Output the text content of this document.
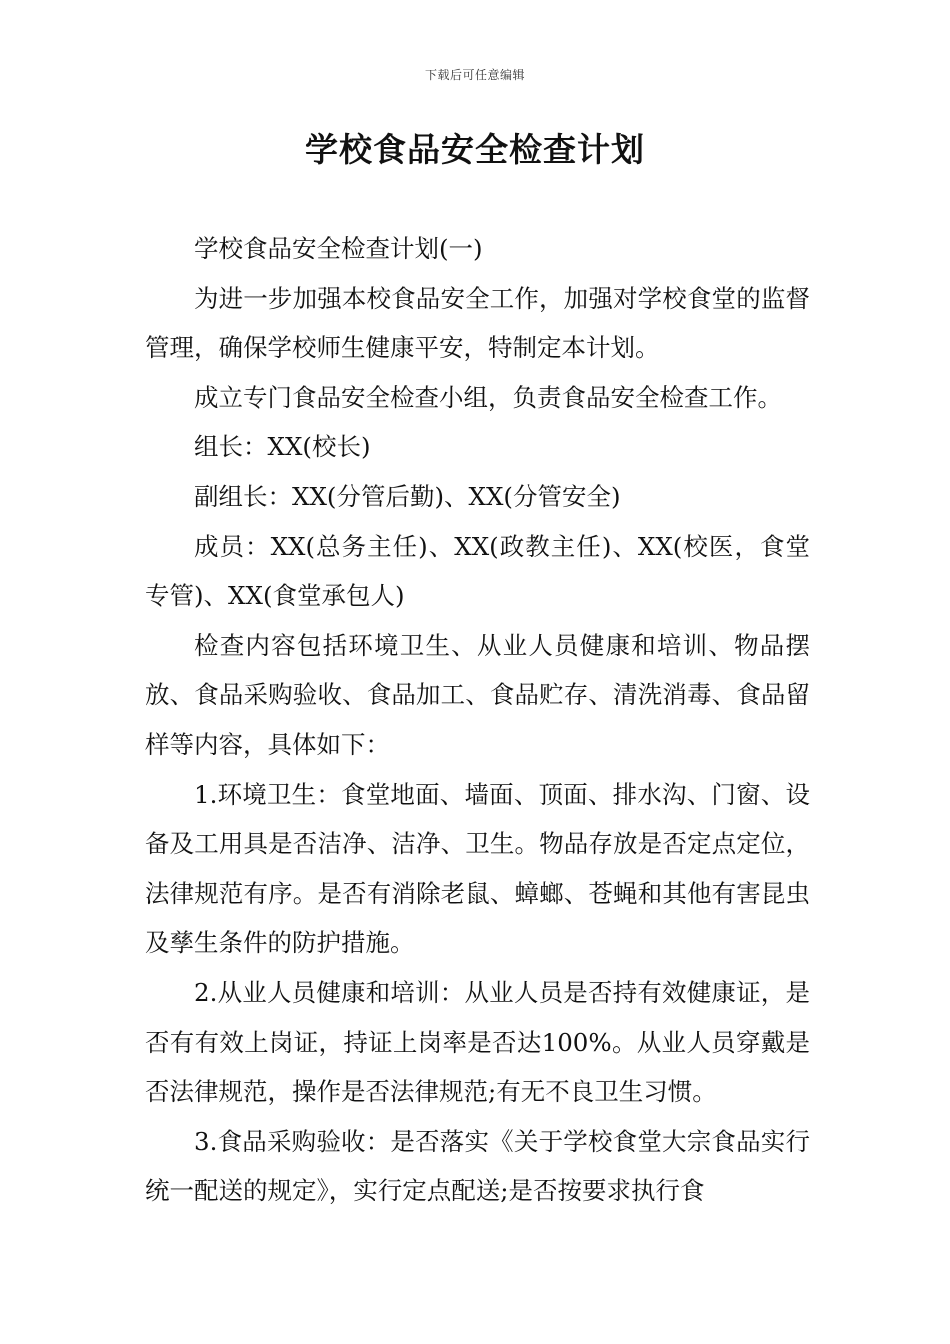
下载后可任意编辑
学校食品安全检查计划

学校食品安全检查计划(一)

为进一步加强本校食品安全工作，加强对学校食堂的监督管理，确保学校师生健康平安，特制定本计划。

成立专门食品安全检查小组，负责食品安全检查工作。

组长：XX(校长)

副组长：XX(分管后勤)、XX(分管安全)

成员：XX(总务主任)、XX(政教主任)、XX(校医，食堂专管)、XX(食堂承包人)

检查内容包括环境卫生、从业人员健康和培训、物品摆放、食品采购验收、食品加工、食品贮存、清洗消毒、食品留样等内容，具体如下：

1.环境卫生：食堂地面、墙面、顶面、排水沟、门窗、设备及工用具是否洁净、洁净、卫生。物品存放是否定点定位，法律规范有序。是否有消除老鼠、蟑螂、苍蝇和其他有害昆虫及孳生条件的防护措施。

2.从业人员健康和培训：从业人员是否持有效健康证，是否有有效上岗证，持证上岗率是否达100%。从业人员穿戴是否法律规范，操作是否法律规范;有无不良卫生习惯。

3.食品采购验收：是否落实《关于学校食堂大宗食品实行统一配送的规定》，实行定点配送;是否按要求执行食
